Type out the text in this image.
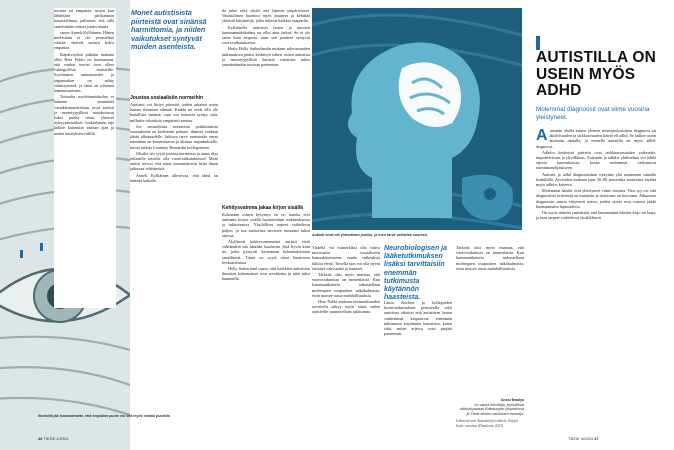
normia tai empatiaa, mutta kun lähdetään parikamaan kouasetelmaa, pallastaa, että sillä saatettiinkin mitata jotain muuta

sanoo Anneli Kylliäinen. Hänen mielestään ei ole perusteltua väittää, etteivät autistit koksi empatiaa.

Ikäpäivityksä pitkään mukana ollut Heta Pukki on huomannut, että vanhat teoriat ovat olleet vahingollisia autisteille. Syyttömien ominaisuudet ja taipumukset on nähty vääristyneinä, ja tämä on johtanut leimautumiseen.

Toisaalta myötätuntokuilua ei kannata ymmärtää vastakkainasetteluna, jossa autistit ja neurotyypilliset muodostavat kaksi puolta omat, yhteiset nykyvaatimukset. Jonkinlainen raja kulkee kuitenkin vanhan ajan ja uuden käsityksen välillä.

Monet autistisista piirteistä ovat sinänsä harmittomia, ja niiden vaikutukset syntyvät muiden asenteista.

Joustoa sosiaalisiin normeihin

Autismit voi liittyä piirteitä, joiden arkaiset usein haitata ihmisten elämää. Kaikki ne eivät silti ole haitallisia sinänsä, vaan osa haitoista syntyy siitä, millaisia odotuksia ympäristö asettaa.

Jos sosiaalisista normeista poikkeamista seurauksena on kielteinen palaute, ihmistä voidaan jättää ulkopuolelle. Jatkuva tarve naamioida omaa toimintaa on kuormittavaa ja altistaa uupumukselle, kuvaa tutkija Courtney Bernardin kollegoineen.

Olisiko siis syytä joustaa normeista ja antaa tilaa erilaisille tavoille olla vuorovaikutuksessa? Moni autisti toivoo, että muut ymmärtäisivät heitä ilman jatkuvaa selittämistä.

Anneli Kylliäinen alleviivaa, että tämä on tärkeää kaikille.

da tulee sekä yksilö että häneen ympäristössä. Vastuullinen huomioi myös puutteet ja kehittää yhteisiä käytäntöjä, jotka tukevat kaikkia osapuolia.

Kylliäiselle autistiset lasten ja nuorten kummannäkökulma on ollut aina tärkeä. Se ei ole sama kuin empatia, vaan sen puutteet syntyvät vuorovaikutuksessa.

Hoito Holly Sutherlandin mukaan tulevaisuuden tutkimuksen pitäisi keskittyä siihen, miten autistisia ja neurotyypillisiä ihmisiä voitaisiin tukea ymmärtämään toisiaan paremmin.

Kehitysvamma jakaa kirjon sisällä

Kokonaan toinen kysymys on se, kuinka erot autismin kirjon sisällä huomioidaan tutkimuksessa ja tukitoimissa. Yksilölliset tarpeet vaihtelevat paljon, ja osa autisteista tarvitsee runsaasti tukea arjessa.

Älyllisesti kehitysvammaiset autistit eivät välttämättä saa ääntään kuuluviin yhtä hyvin kuin ne, jotka pystyvät kertomaan kokemuksistaan sanallisesti. Tämä on syytä ottaa huomioon keskusteluissa.

Holly Sutherland sanoo, että kaikkien autististen ihmisten kokemukset ovat arvokkaita ja niitä tulisi kuunnella.

Ihmisiltä jää huomaamatta, että empatian puute voi olla myös omalla puolella.
46 TIEDE 4/2024
Autistit eivät ole yhtenäinen joukko, ja tuen tarve vaihtelee suuresti.

Yhdellä voi esimerkiksi olla vahva motivaatio sosiaaliseen kanssakäymiseen, mutta vaikeuksia tulkita eleitä. Toisella taas voi olla hyvin erilaiset vahvuudet ja haasteet.

Tärkeää olisi myös muistaa, että vuorovaikutusta on monenlaista. Kun kommunikointia tarkastellaan molempien osapuolten näkökulmasta, esiin nousee uusia mahdollisuuksia.

Heta Pukki mukaan normaalisuuden tavoittelu näkyy myös siinä, miten autisteille suunnitellaan tukitoimia.

Neurobiologisen ja lääketutkimuksen lisäksi tarvittaisiin enemmän tutkimusta käytännön haasteista.

Laura Kochen ja kollegoiden koontitutkimuksen perusteella sekä autistiset aikuiset että autististen lasten vanhemmat kaipaisivat enemmän tutkimusta käytännön haasteista, kuten siitä, miten arjessa voisi pärjätä paremmin.

Tärkeää olisi myös muistaa, että vuorovaikutusta on monenlaista. Kun kommunikointia tarkastellaan molempien osapuolten näkökulmasta, esiin nousee uusia mahdollisuuksia.

Anssi Bwalya
on vapaa toimittaja, joyksilöista väitöskirjastaan Edinburghin yliopistossa ja Tiede-lehden vakituinen avustaja.
Lähteenä mm. Autismikirjon häiriö, Käypä hoito -suositus (Duodecim 2023).
AUTISTILLA ON USEIN MYÖS ADHD
Molemmat diagnoosit ovat viime vuosina yleistyneet.

Autismin ohella toinen yleinen neuropsykiatrinen diagnoosi on aktiivisuuden ja tarkkaavuuden häiriö eli adhd. Se kulkee usein autismin rinnalla, ja monella autistilla on myös adhd-diagnoosi.

Adhd:n keskeisiä piirteitä ovat tarkkaavaisuuden vaikeudet, impulsiivisuus ja ylivilkkaus. Autismin ja adhd:n yhdistelmä voi tehdä arjesta kuormittavaa, koska molemmat vaikuttavat toiminnanohjaukseen.

Autismi ja adhd diagnosoidaan nykyään yhä useammin samalla henkilöllä. Arvioiden mukaan jopa 30–80 prosenttia autisteista täyttää myös adhd:n kriteerit.

Molemmat häiriöt ovat yleistyneet viime vuosina. Yksi syy on, että diagnostisia kriteerejä on muutettu ja tietoisuus on kasvanut. Aikuisena diagnoosin saavat erityisesti naiset, joiden oireet ovat voineet jäädä huomaamatta lapsuudessa.

On myös tärkeää ymmärtää, että kummankin häiriön kirjo on laaja, ja tuen tarpeet vaihtelevat yksilöllisesti.

TIEDE 4/2024 47
